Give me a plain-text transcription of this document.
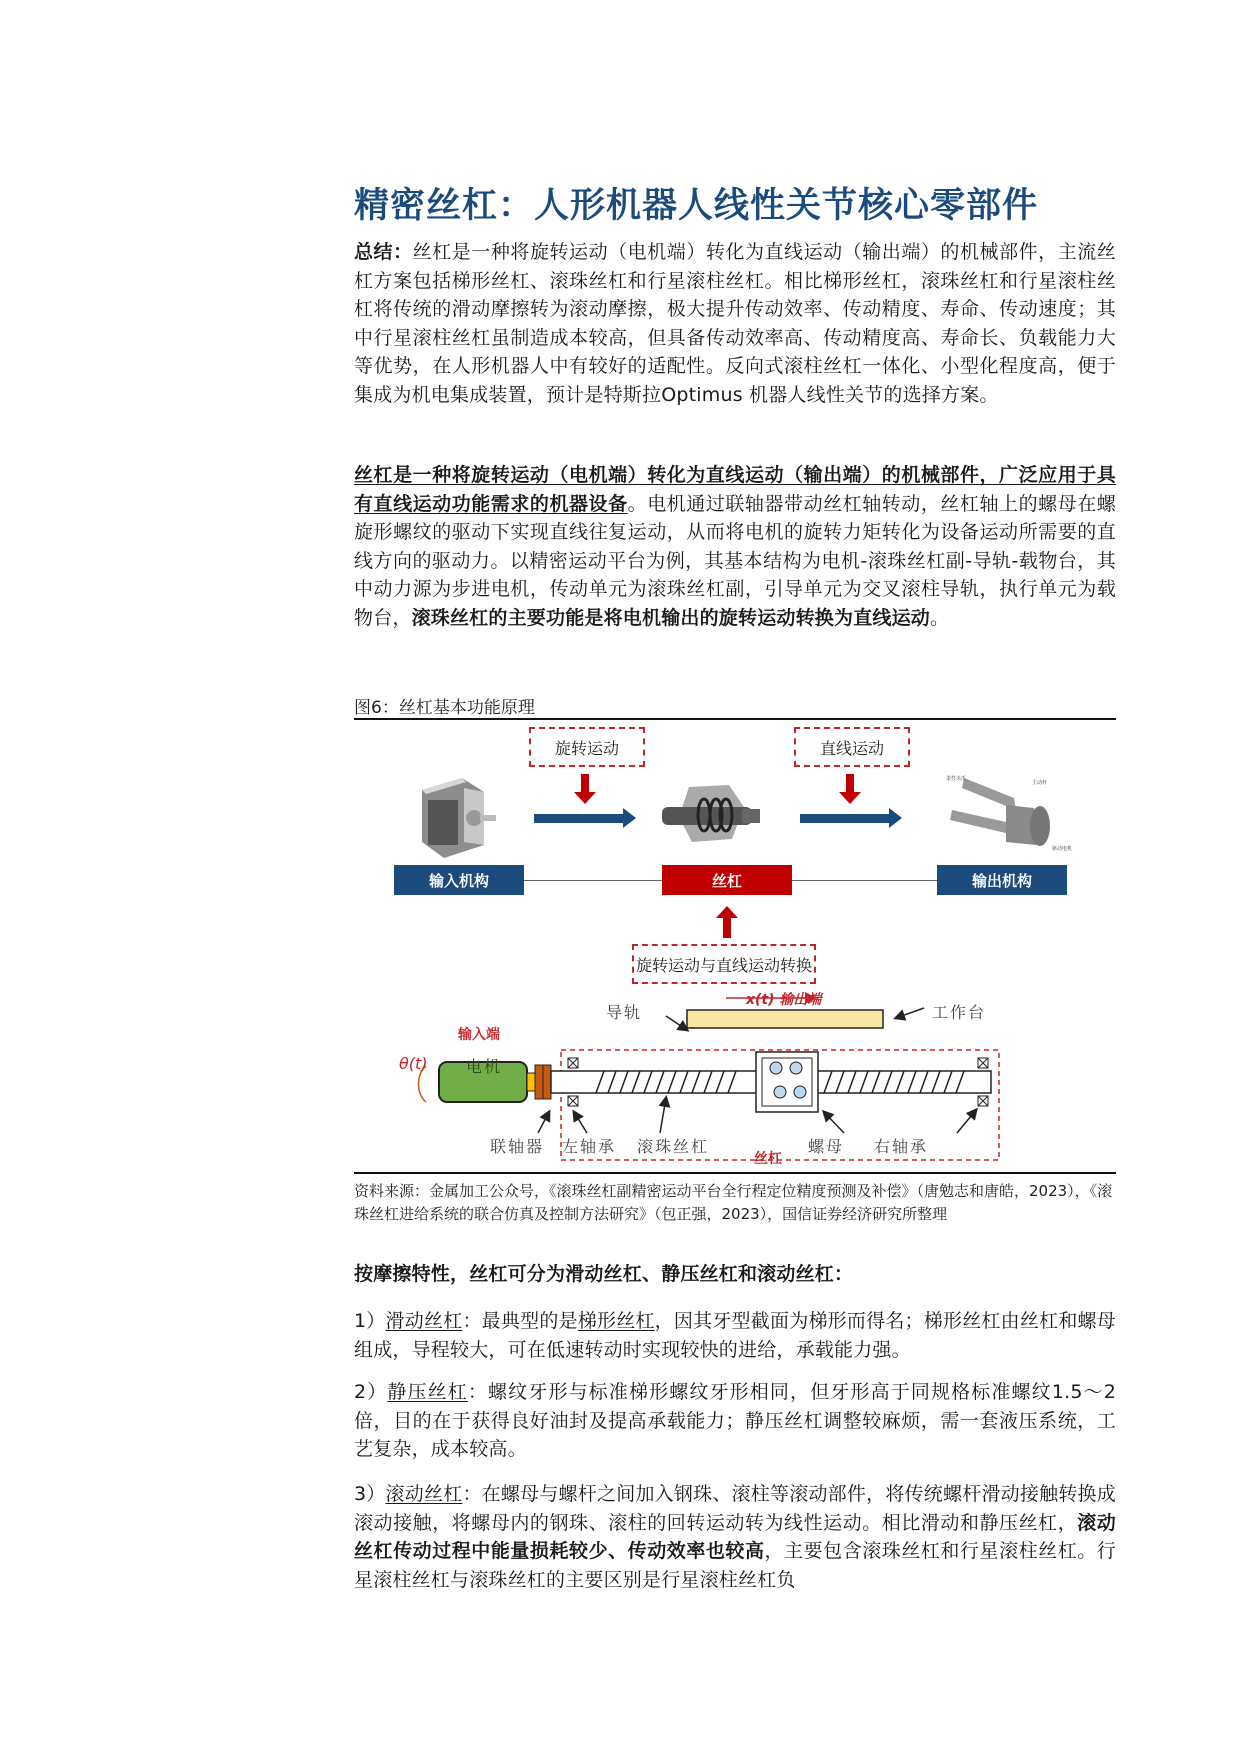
精密丝杠：人形机器人线性关节核心零部件
总结：丝杠是一种将旋转运动（电机端）转化为直线运动（输出端）的机械部件，主流丝杠方案包括梯形丝杠、滚珠丝杠和行星滚柱丝杠。相比梯形丝杠，滚珠丝杠和行星滚柱丝杠将传统的滑动摩擦转为滚动摩擦，极大提升传动效率、传动精度、寿命、传动速度；其中行星滚柱丝杠虽制造成本较高，但具备传动效率高、传动精度高、寿命长、负载能力大等优势，在人形机器人中有较好的适配性。反向式滚柱丝杠一体化、小型化程度高，便于集成为机电集成装置，预计是特斯拉Optimus 机器人线性关节的选择方案。
丝杠是一种将旋转运动（电机端）转化为直线运动（输出端）的机械部件，广泛应用于具有直线运动功能需求的机器设备。电机通过联轴器带动丝杠轴转动，丝杠轴上的螺母在螺旋形螺纹的驱动下实现直线往复运动，从而将电机的旋转力矩转化为设备运动所需要的直线方向的驱动力。以精密运动平台为例，其基本结构为电机-滚珠丝杠副-导轨-载物台，其中动力源为步进电机，传动单元为滚珠丝杠副，引导单元为交叉滚柱导轨，执行单元为载物台，滚珠丝杠的主要功能是将电机输出的旋转运动转换为直线运动。
图6：丝杠基本功能原理
旋转运动	直线运动
柔性夹爪
主动杆
驱动电机
输入机构	丝杠	输出机构
旋转运动与直线运动转换
x(t) 输出端
导轨	工作台
输入端
θ(t) 电机
联轴器 左轴承 滚珠丝杠	螺母 右轴承
丝杠
资料来源：金属加工公众号，《滚珠丝杠副精密运动平台全行程定位精度预测及补偿》（唐勉志和唐皓，2023），《滚珠丝杠进给系统的联合仿真及控制方法研究》（包正强，2023），国信证券经济研究所整理
按摩擦特性，丝杠可分为滑动丝杠、静压丝杠和滚动丝杠：
1）滑动丝杠：最典型的是梯形丝杠，因其牙型截面为梯形而得名；梯形丝杠由丝杠和螺母组成，导程较大，可在低速转动时实现较快的进给，承载能力强。
2）静压丝杠：螺纹牙形与标准梯形螺纹牙形相同，但牙形高于同规格标准螺纹1.5～2 倍，目的在于获得良好油封及提高承载能力；静压丝杠调整较麻烦，需一套液压系统，工艺复杂，成本较高。
3）滚动丝杠：在螺母与螺杆之间加入钢珠、滚柱等滚动部件，将传统螺杆滑动接触转换成滚动接触，将螺母内的钢珠、滚柱的回转运动转为线性运动。相比滑动和静压丝杠，滚动丝杠传动过程中能量损耗较少、传动效率也较高，主要包含滚珠丝杠和行星滚柱丝杠。行星滚柱丝杠与滚珠丝杠的主要区别是行星滚柱丝杠负
